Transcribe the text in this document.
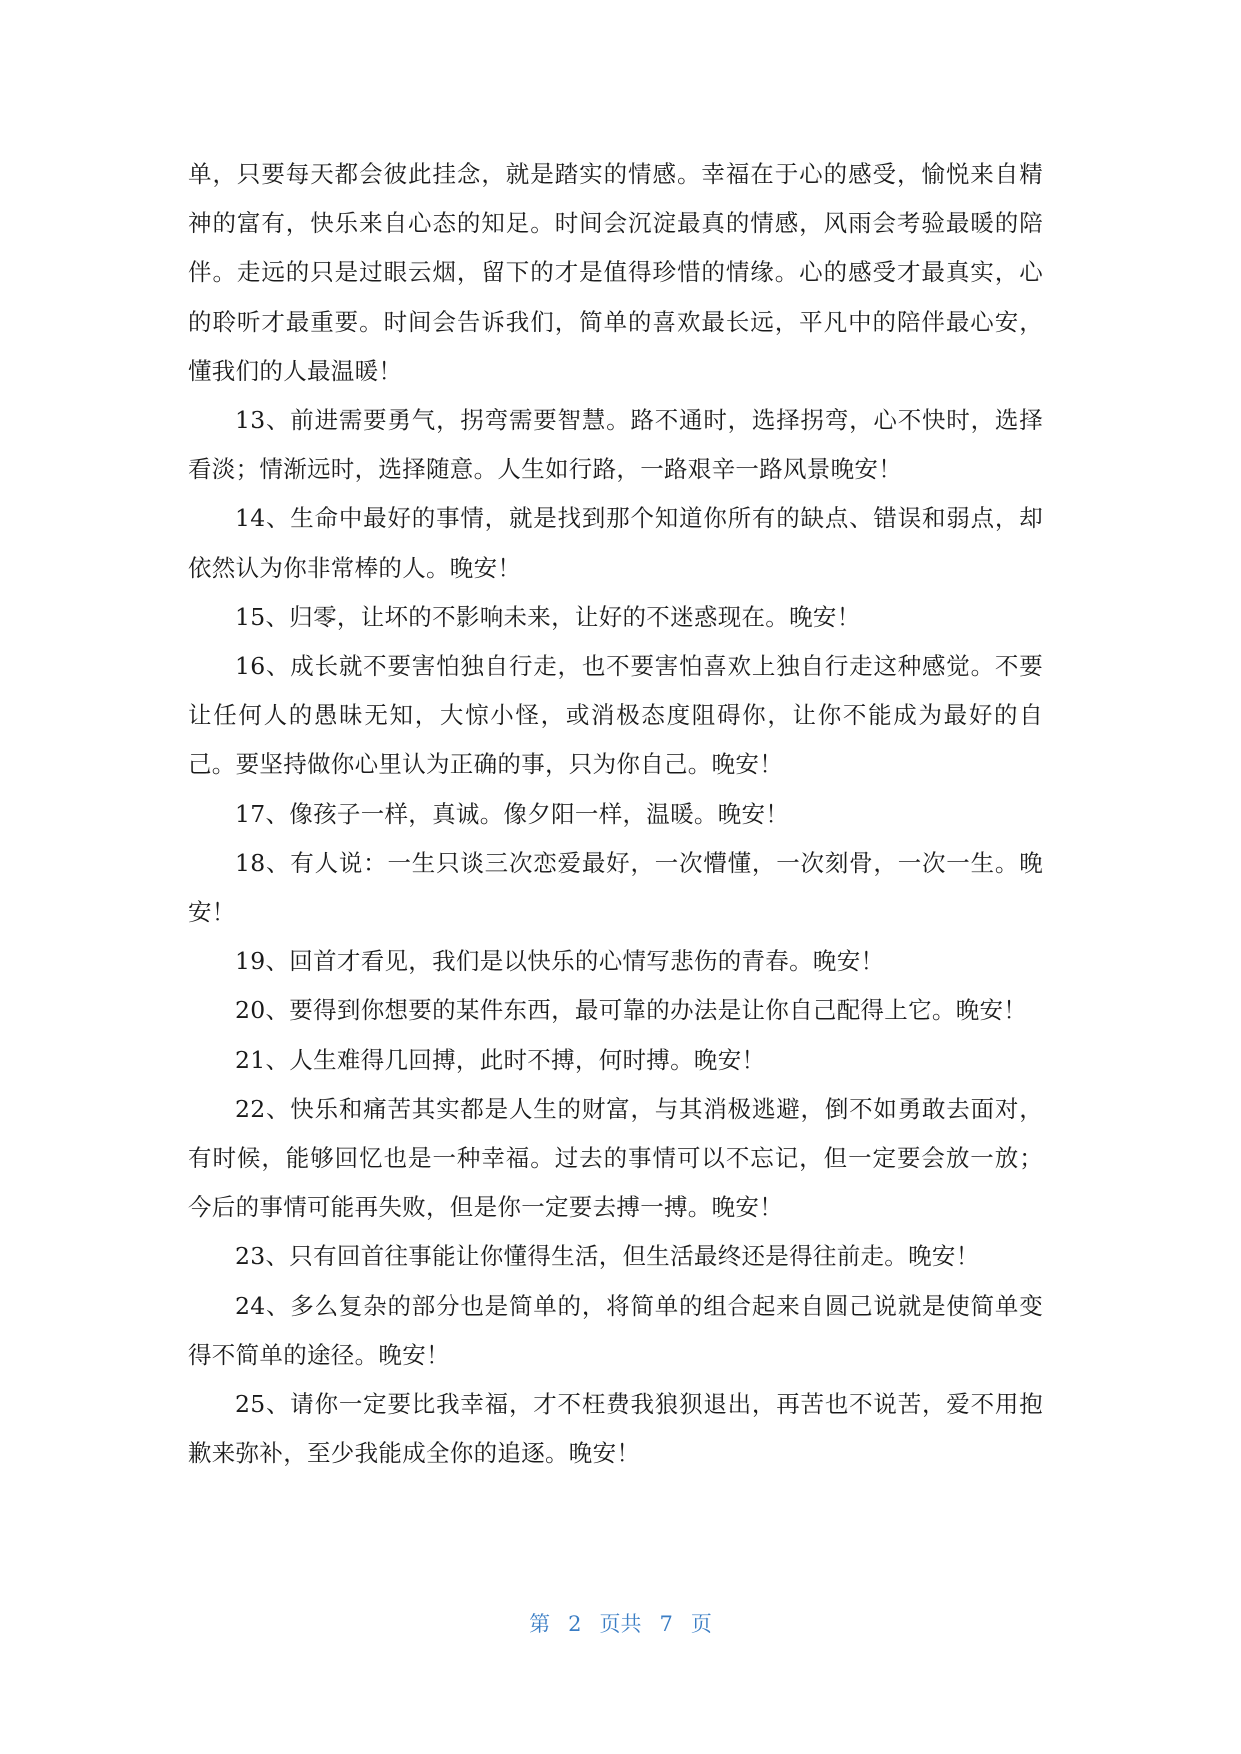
单，只要每天都会彼此挂念，就是踏实的情感。幸福在于心的感受，愉悦来自精神的富有，快乐来自心态的知足。时间会沉淀最真的情感，风雨会考验最暖的陪伴。走远的只是过眼云烟，留下的才是值得珍惜的情缘。心的感受才最真实，心的聆听才最重要。时间会告诉我们，简单的喜欢最长远，平凡中的陪伴最心安，懂我们的人最温暖！

13、前进需要勇气，拐弯需要智慧。路不通时，选择拐弯，心不快时，选择看淡；情渐远时，选择随意。人生如行路，一路艰辛一路风景晚安！

14、生命中最好的事情，就是找到那个知道你所有的缺点、错误和弱点，却依然认为你非常棒的人。晚安！

15、归零，让坏的不影响未来，让好的不迷惑现在。晚安！

16、成长就不要害怕独自行走，也不要害怕喜欢上独自行走这种感觉。不要让任何人的愚昧无知，大惊小怪，或消极态度阻碍你，让你不能成为最好的自己。要坚持做你心里认为正确的事，只为你自己。晚安！

17、像孩子一样，真诚。像夕阳一样，温暖。晚安！

18、有人说：一生只谈三次恋爱最好，一次懵懂，一次刻骨，一次一生。晚安！

19、回首才看见，我们是以快乐的心情写悲伤的青春。晚安！

20、要得到你想要的某件东西，最可靠的办法是让你自己配得上它。晚安！

21、人生难得几回搏，此时不搏，何时搏。晚安！

22、快乐和痛苦其实都是人生的财富，与其消极逃避，倒不如勇敢去面对，有时候，能够回忆也是一种幸福。过去的事情可以不忘记，但一定要会放一放；今后的事情可能再失败，但是你一定要去搏一搏。晚安！

23、只有回首往事能让你懂得生活，但生活最终还是得往前走。晚安！

24、多么复杂的部分也是简单的，将简单的组合起来自圆己说就是使简单变得不简单的途径。晚安！

25、请你一定要比我幸福，才不枉费我狼狈退出，再苦也不说苦，爱不用抱歉来弥补，至少我能成全你的追逐。晚安！

第 2 页共 7 页
